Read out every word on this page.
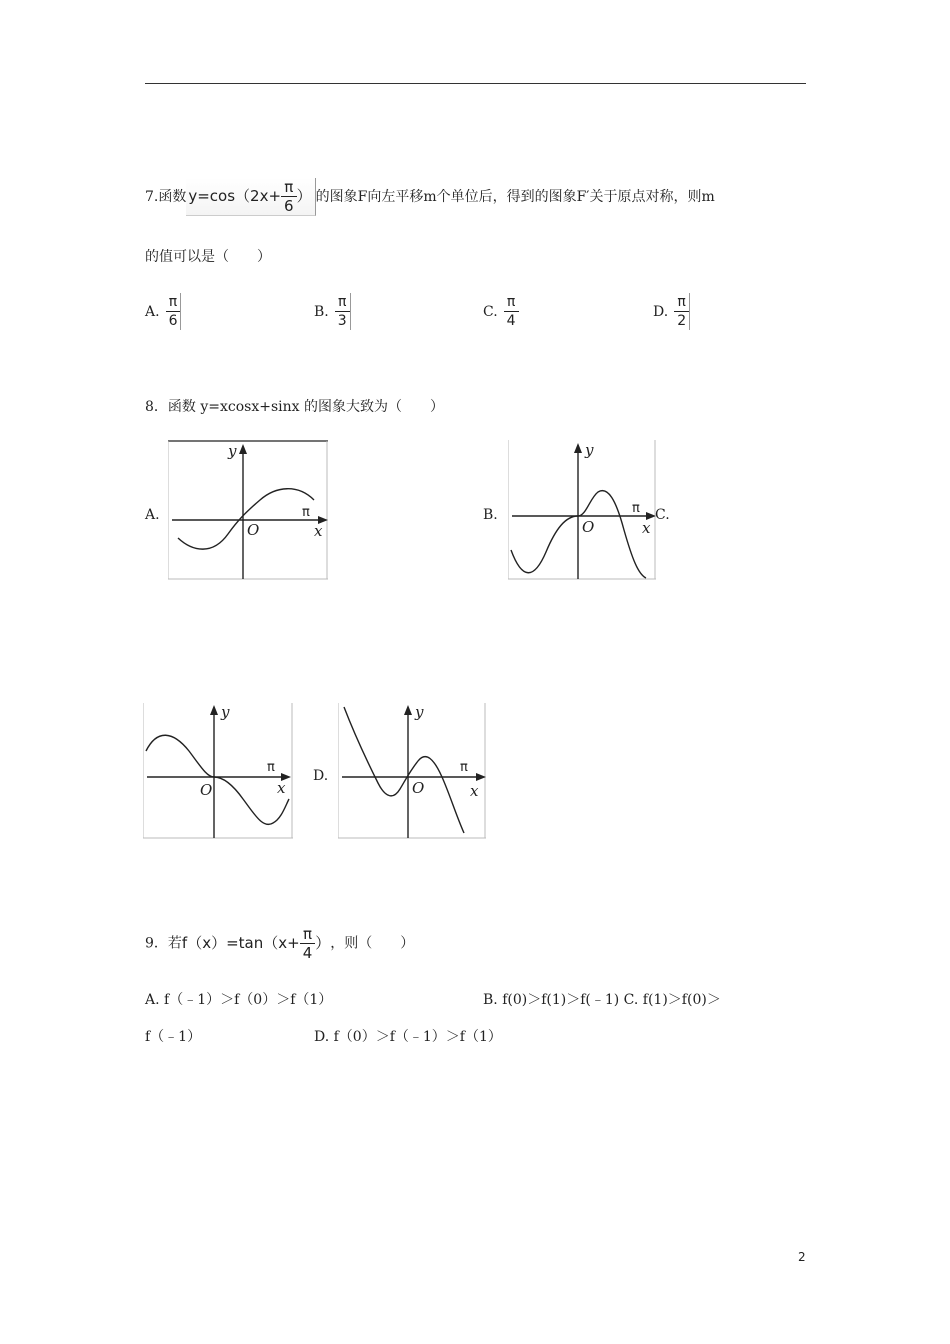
7.函数 $y=\cos(2x+ \frac{\pi}{6}$ ） 的图象F向左平移m个单位后，得到的图象F′关于原点对称，则m
的值可以是（　　）
A. $\frac{\pi}{6}$	B. $\frac{\pi}{3}$	C. $\frac{\pi}{4}$	D. $\frac{\pi}{2}$
8．函数 y=xcosx+sinx 的图象大致为（　　）
A.
y
x
O
π	B.
y
x
O
π C.
y
x
O
π
D.
y
x
O
π
9．若$f(x)=\tan(x+ \frac{\pi}{4}$ ），则（　　）
A. f（﹣1）＞f（0）＞f（1）	B. f(0)＞f(1)＞f(﹣1) C. f(1)＞f(0)＞
f（﹣1）	D. f（0）＞f（﹣1）＞f（1）
2
